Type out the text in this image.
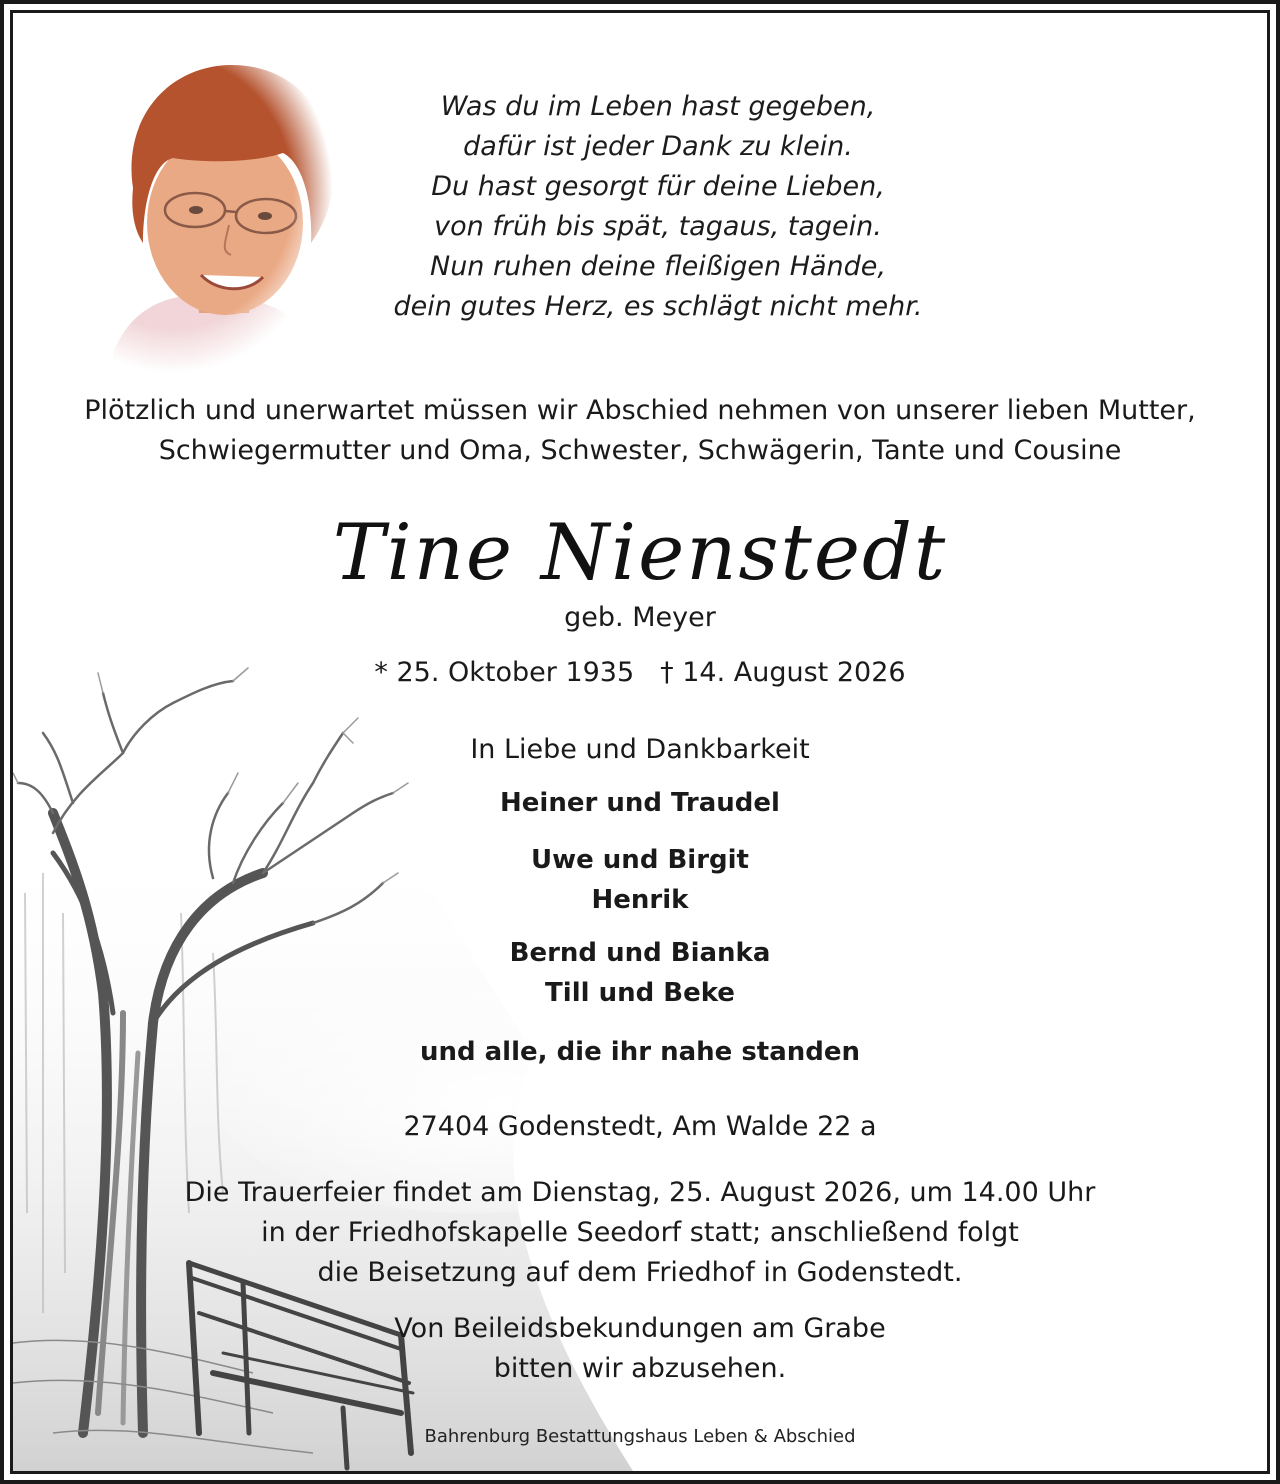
Was du im Leben hast gegeben,
dafür ist jeder Dank zu klein.
Du hast gesorgt für deine Lieben,
von früh bis spät, tagaus, tagein.
Nun ruhen deine fleißigen Hände,
dein gutes Herz, es schlägt nicht mehr.
Plötzlich und unerwartet müssen wir Abschied nehmen von unserer lieben Mutter,
Schwiegermutter und Oma, Schwester, Schwägerin, Tante und Cousine
Tine Nienstedt
geb. Meyer
* 25. Oktober 1935 † 14. August 2026
In Liebe und Dankbarkeit
Heiner und Traudel
Uwe und Birgit
Henrik
Bernd und Bianka
Till und Beke
und alle, die ihr nahe standen
27404 Godenstedt, Am Walde 22 a
Die Trauerfeier findet am Dienstag, 25. August 2026, um 14.00 Uhr
in der Friedhofskapelle Seedorf statt; anschließend folgt
die Beisetzung auf dem Friedhof in Godenstedt.
Von Beileidsbekundungen am Grabe
bitten wir abzusehen.
Bahrenburg Bestattungshaus Leben & Abschied
